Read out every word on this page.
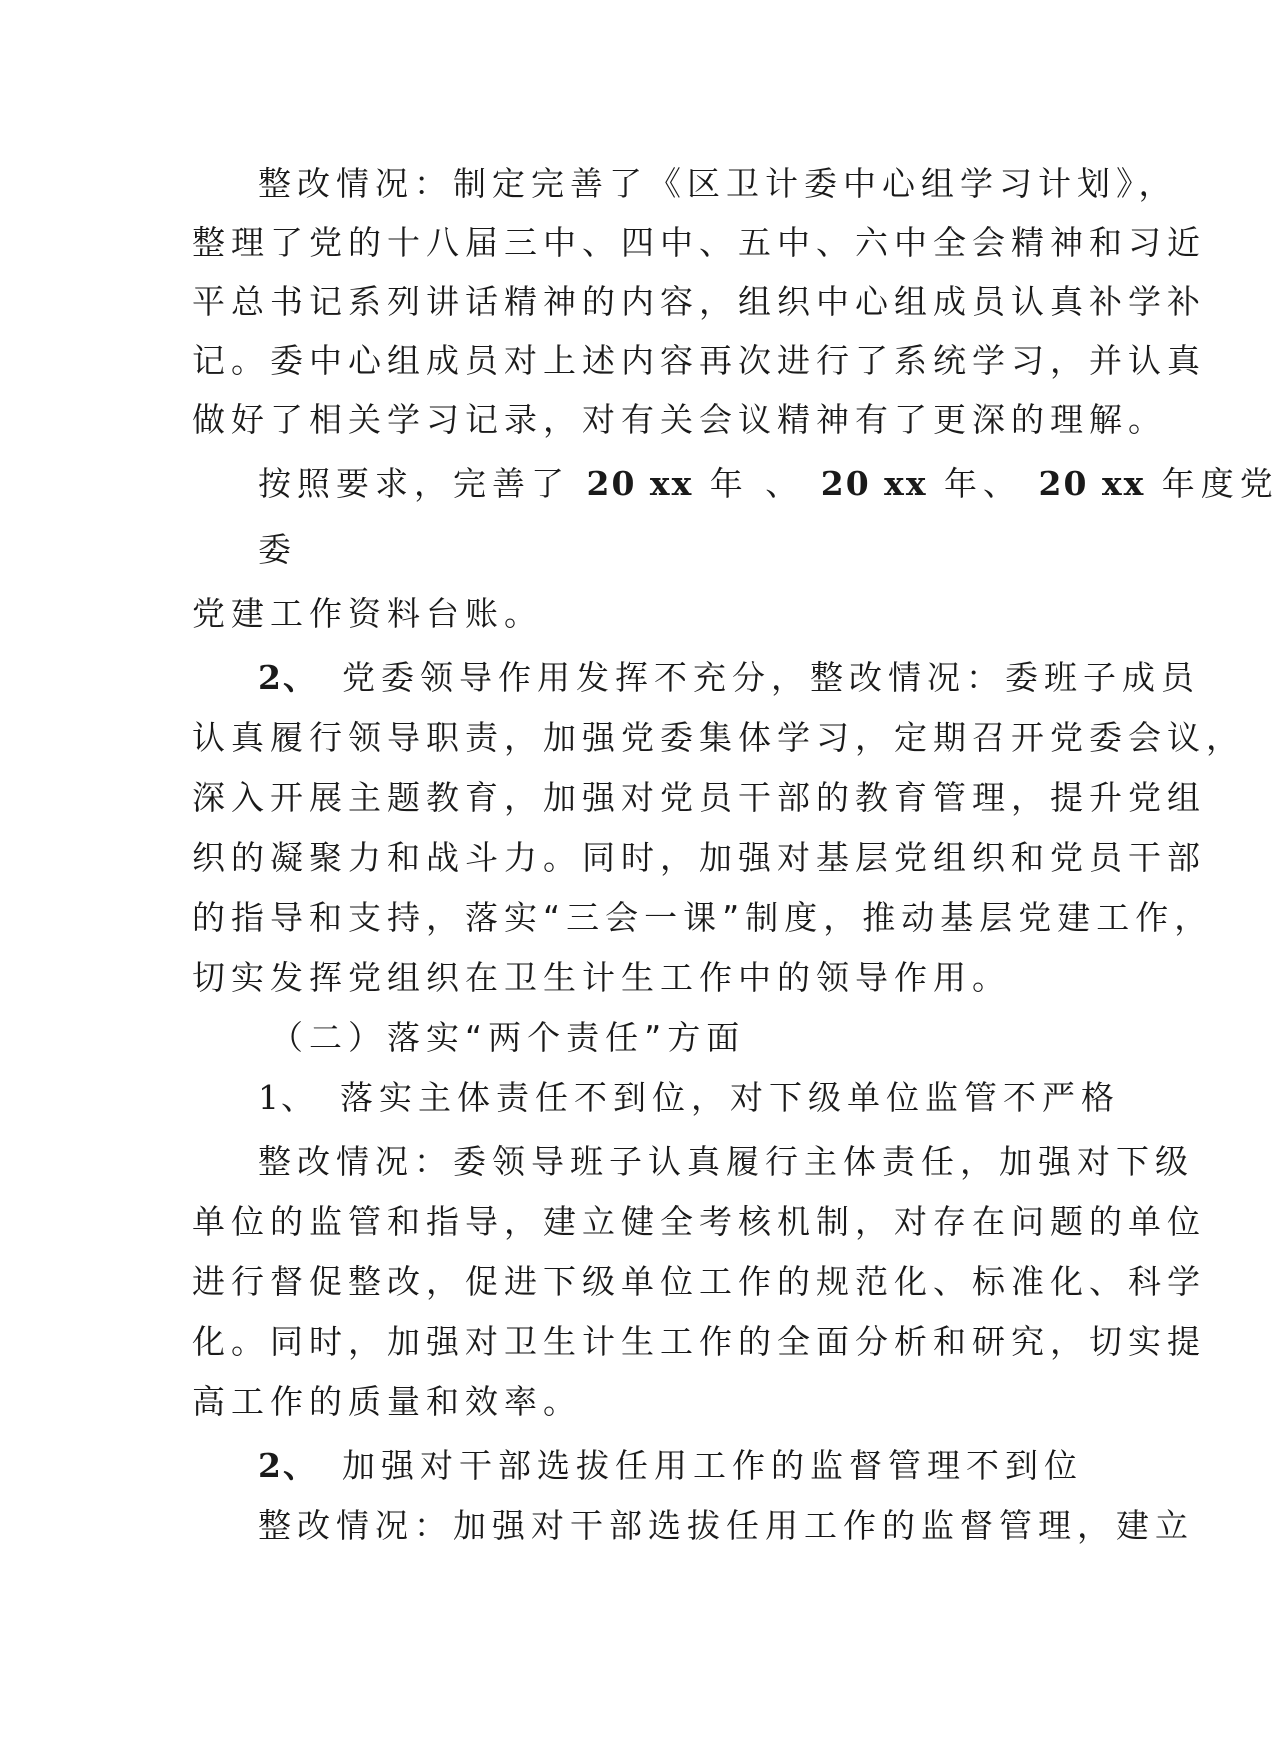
整改情况：制定完善了《区卫计委中心组学习计划》，
整理了党的十八届三中、四中、五中、六中全会精神和习近
平总书记系列讲话精神的内容，组织中心组成员认真补学补
记。委中心组成员对上述内容再次进行了系统学习，并认真
做好了相关学习记录，对有关会议精神有了更深的理解。
按照要求，完善了 20 xx 年 、 20 xx 年、 20 xx 年度党
委
党建工作资料台账。
2、 党委领导作用发挥不充分，整改情况：委班子成员
认真履行领导职责，加强党委集体学习，定期召开党委会议，
深入开展主题教育，加强对党员干部的教育管理，提升党组
织的凝聚力和战斗力。同时，加强对基层党组织和党员干部
的指导和支持，落实“三会一课”制度，推动基层党建工作，
切实发挥党组织在卫生计生工作中的领导作用。
（二）落实“两个责任”方面
1、 落实主体责任不到位，对下级单位监管不严格
整改情况：委领导班子认真履行主体责任，加强对下级
单位的监管和指导，建立健全考核机制，对存在问题的单位
进行督促整改，促进下级单位工作的规范化、标准化、科学
化。同时，加强对卫生计生工作的全面分析和研究，切实提
高工作的质量和效率。
2、 加强对干部选拔任用工作的监督管理不到位
整改情况：加强对干部选拔任用工作的监督管理，建立
